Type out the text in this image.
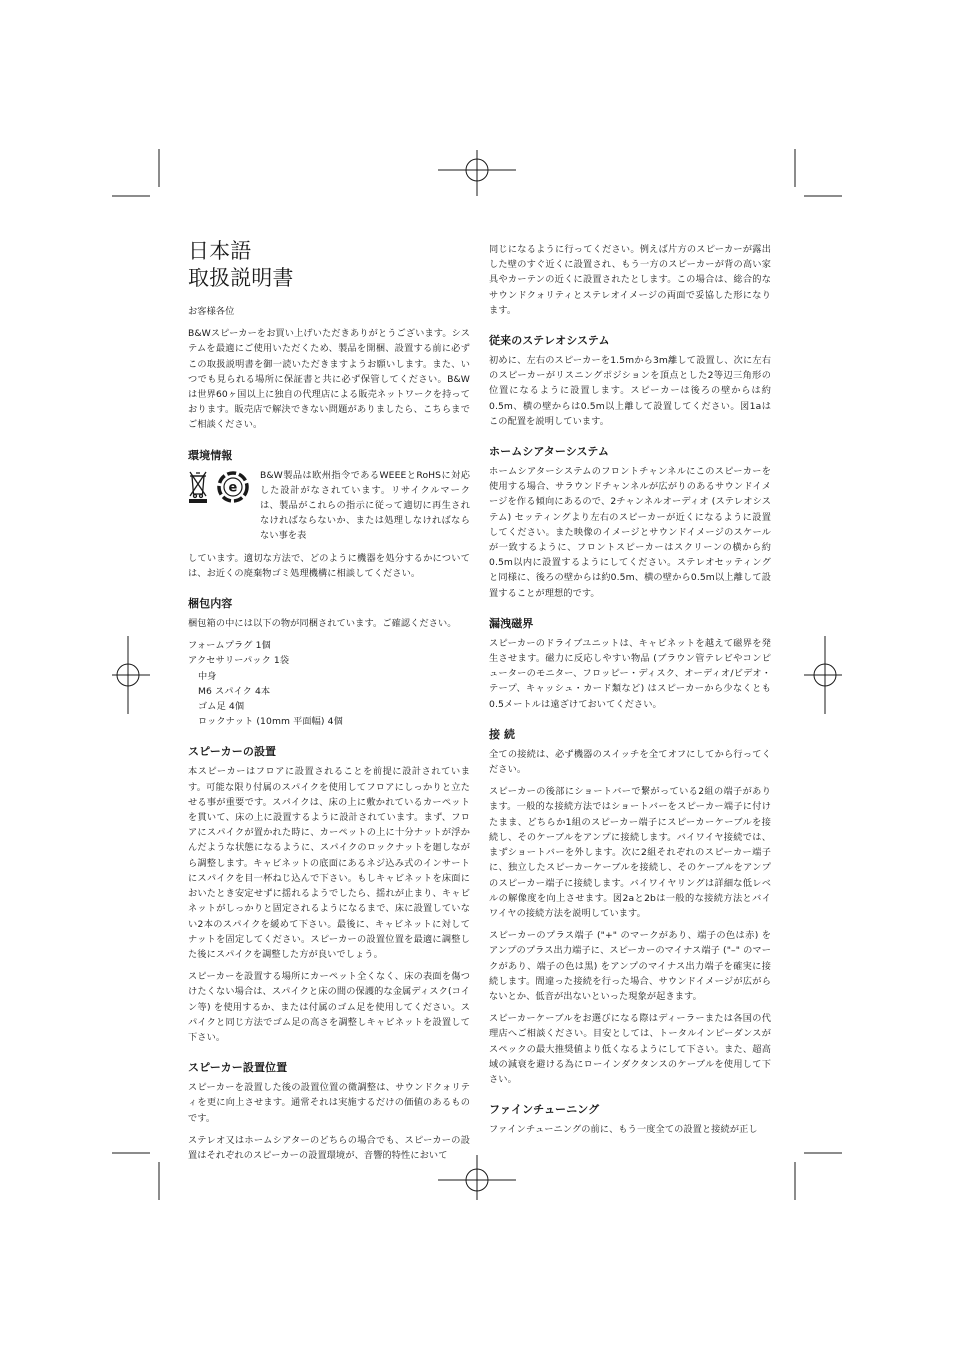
日本語
取扱説明書

お客様各位

B&Wスピーカーをお買い上げいただきありがとうございます。システムを最適にご使用いただくため、製品を開梱、設置する前に必ずこの取扱説明書を御一読いただきますようお願いします。また、いつでも見られる場所に保証書と共に必ず保管してください。B&Wは世界60ヶ国以上に独自の代理店による販売ネットワークを持っております。販売店で解決できない問題がありましたら、こちらまでご相談ください。

環境情報
e

B&W製品は欧州指令であるWEEEとRoHSに対応した設計がなされています。リサイクルマークは、製品がこれらの指示に従って適切に再生されなければならないか、または処理しなければならない事を表

しています。適切な方法で、どのように機器を処分するかについては、お近くの廃棄物ゴミ処理機構に相談してください。

梱包内容

梱包箱の中には以下の物が同梱されています。ご確認ください。

フォームプラグ 1個
アクセサリーパック 1袋
中身
M6 スパイク 4本
ゴム足 4個
ロックナット (10mm 平面幅) 4個
スピーカーの設置

本スピーカーはフロアに設置されることを前提に設計されています。可能な限り付属のスパイクを使用してフロアにしっかりと立たせる事が重要です。スパイクは、床の上に敷かれているカーペットを貫いて、床の上に設置するように設計されています。まず、フロアにスパイクが置かれた時に、カーペットの上に十分ナットが浮かんだような状態になるように、スパイクのロックナットを廻しながら調整します。キャビネットの底面にあるネジ込み式のインサートにスパイクを目一杯ねじ込んで下さい。もしキャビネットを床面においたとき安定せずに揺れるようでしたら、揺れが止まり、キャビネットがしっかりと固定されるようになるまで、床に設置していない2本のスパイクを緩めて下さい。最後に、キャビネットに対してナットを固定してください。スピーカーの設置位置を最適に調整した後にスパイクを調整した方が良いでしょう。

スピーカーを設置する場所にカーペット全くなく、床の表面を傷つけたくない場合は、スパイクと床の間の保護的な金属ディスク(コイン等) を使用するか、または付属のゴム足を使用してください。スパイクと同じ方法でゴム足の高さを調整しキャビネットを設置して下さい。

スピーカー設置位置

スピーカーを設置した後の設置位置の微調整は、サウンドクォリティを更に向上させます。通常それは実施するだけの価値のあるものです。

ステレオ又はホームシアターのどちらの場合でも、スピーカーの設置はそれぞれのスピーカーの設置環境が、音響的特性において

同じになるように行ってください。例えば片方のスピーカーが露出した壁のすぐ近くに設置され、もう一方のスピーカーが背の高い家具やカーテンの近くに設置されたとします。この場合は、総合的なサウンドクォリティとステレオイメージの両面で妥協した形になります。

従来のステレオシステム

初めに、左右のスピーカーを1.5mから3m離して設置し、次に左右のスピーカーがリスニングポジションを頂点とした2等辺三角形の位置になるように設置します。スピーカーは後ろの壁からは約0.5m、横の壁からは0.5m以上離して設置してください。図1aはこの配置を説明しています。

ホームシアターシステム

ホームシアターシステムのフロントチャンネルにこのスピーカーを使用する場合、サラウンドチャンネルが広がりのあるサウンドイメージを作る傾向にあるので、2チャンネルオーディオ (ステレオシステム) セッティングより左右のスピーカーが近くになるように設置してください。また映像のイメージとサウンドイメージのスケールが一致するように、フロントスピーカーはスクリーンの横から約0.5m以内に設置するようにしてください。ステレオセッティングと同様に、後ろの壁からは約0.5m、横の壁から0.5m以上離して設置することが理想的です。

漏洩磁界

スピーカーのドライブユニットは、キャビネットを越えて磁界を発生させます。磁力に反応しやすい物品 (ブラウン管テレビやコンピューターのモニター、フロッピー・ディスク、オーディオ/ビデオ・テープ、キャッシュ・カード類など) はスピーカーから少なくとも0.5メートルは遠ざけておいてください。

接 続

全ての接続は、必ず機器のスイッチを全てオフにしてから行ってください。

スピーカーの後部にショートバーで繋がっている2組の端子があります。一般的な接続方法ではショートバーをスピーカー端子に付けたまま、どちらか1組のスピーカー端子にスピーカーケーブルを接続し、そのケーブルをアンプに接続します。バイワイヤ接続では、まずショートバーを外します。次に2組それぞれのスピーカー端子に、独立したスピーカーケーブルを接続し、そのケーブルをアンプのスピーカー端子に接続します。バイワイヤリングは詳細な低レベルの解像度を向上させます。図2aと2bは一般的な接続方法とバイワイヤの接続方法を説明しています。

スピーカーのプラス端子 ("+" のマークがあり、端子の色は赤) をアンプのプラス出力端子に、スピーカーのマイナス端子 ("–" のマークがあり、端子の色は黒) をアンプのマイナス出力端子を確実に接続します。間違った接続を行った場合、サウンドイメージが広がらないとか、低音が出ないといった現象が起きます。

スピーカーケーブルをお選びになる際はディーラーまたは各国の代理店へご相談ください。目安としては、トータルインピーダンスがスペックの最大推奨値より低くなるようにして下さい。また、超高域の減衰を避ける為にローインダクタンスのケーブルを使用して下さい。

ファインチューニング

ファインチューニングの前に、もう一度全ての設置と接続が正し
